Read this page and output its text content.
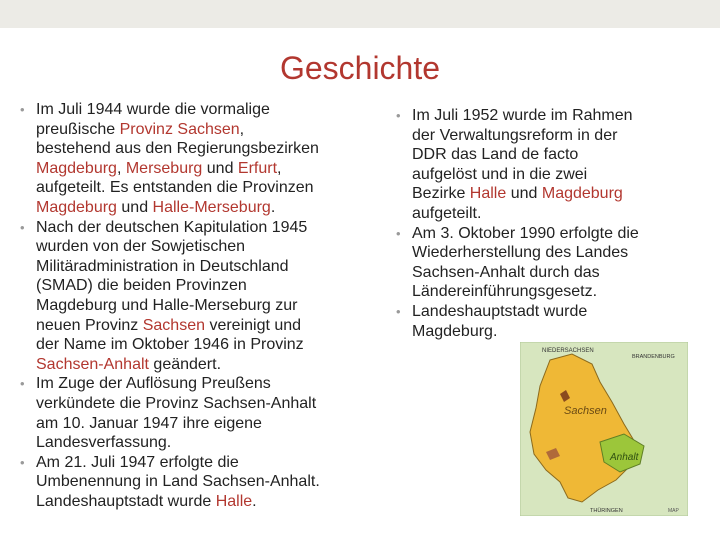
Geschichte
• Im Juli 1944 wurde die vormalige
preußische Provinz Sachsen,
bestehend aus den Regierungsbezirken
Magdeburg, Merseburg und Erfurt,
aufgeteilt. Es entstanden die Provinzen
Magdeburg und Halle-Merseburg.
• Nach der deutschen Kapitulation 1945
wurden von der Sowjetischen
Militäradministration in Deutschland
(SMAD) die beiden Provinzen
Magdeburg und Halle-Merseburg zur
neuen Provinz Sachsen vereinigt und
der Name im Oktober 1946 in Provinz
Sachsen-Anhalt geändert.
• Im Zuge der Auflösung Preußens
verkündete die Provinz Sachsen-Anhalt
am 10. Januar 1947 ihre eigene
Landesverfassung.
• Am 21. Juli 1947 erfolgte die
Umbenennung in Land Sachsen-Anhalt.
Landeshauptstadt wurde Halle.
• Im Juli 1952 wurde im Rahmen
der Verwaltungsreform in der
DDR das Land de facto
aufgelöst und in die zwei
Bezirke Halle und Magdeburg
aufgeteilt.
• Am 3. Oktober 1990 erfolgte die
Wiederherstellung des Landes
Sachsen-Anhalt durch das
Ländereinführungsgesetz.
• Landeshauptstadt wurde
Magdeburg.
NIEDERSACHSEN
BRANDENBURG
Sachsen
Anhalt
THÜRINGEN	MAP
